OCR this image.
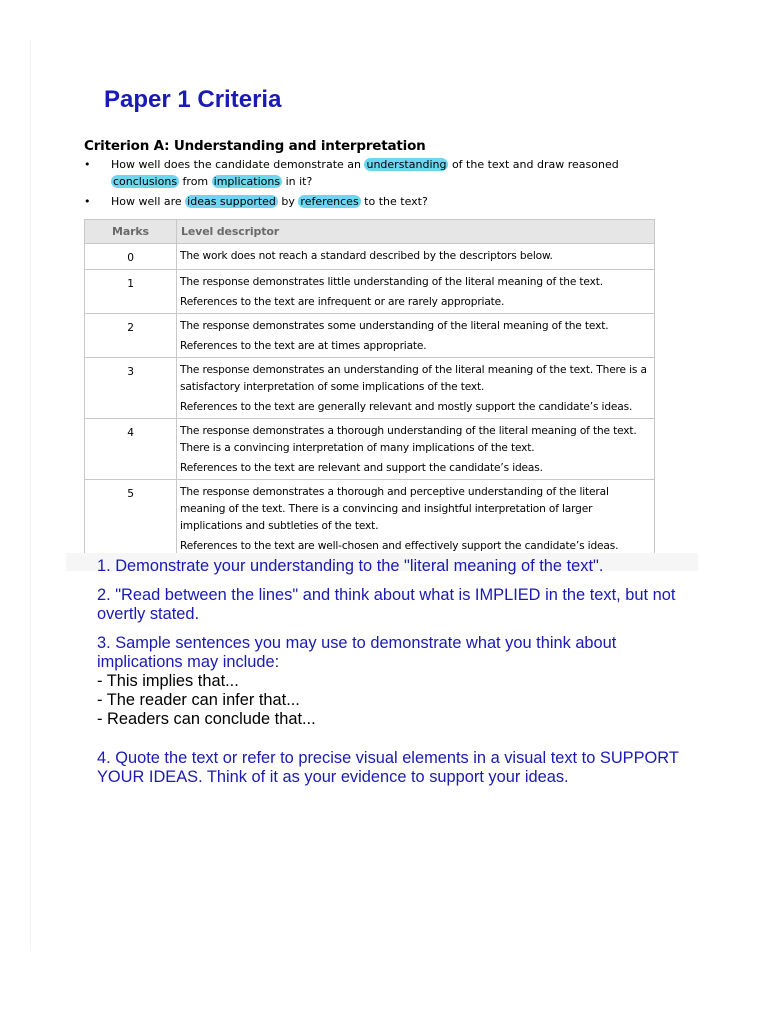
Paper 1 Criteria
Criterion A: Understanding and interpretation
• How well does the candidate demonstrate an understanding of the text and draw reasoned
conclusions from implications in it?
• How well are ideas supported by references to the text?
Marks	Level descriptor
0	The work does not reach a standard described by the descriptors below.

1	The response demonstrates little understanding of the literal meaning of the text.
References to the text are infrequent or are rarely appropriate.

2	The response demonstrates some understanding of the literal meaning of the text.
References to the text are at times appropriate.

3	The response demonstrates an understanding of the literal meaning of the text. There is a satisfactory interpretation of some implications of the text.
References to the text are generally relevant and mostly support the candidate’s ideas.

4	The response demonstrates a thorough understanding of the literal meaning of the text. There is a convincing interpretation of many implications of the text.
References to the text are relevant and support the candidate’s ideas.

5	The response demonstrates a thorough and perceptive understanding of the literal meaning of the text. There is a convincing and insightful interpretation of larger implications and subtleties of the text.
References to the text are well-chosen and effectively support the candidate’s ideas.

1. Demonstrate your understanding to the "literal meaning of the text".

2. "Read between the lines" and think about what is IMPLIED in the text, but not overtly stated.

3. Sample sentences you may use to demonstrate what you think about implications may include:
- This implies that...
- The reader can infer that...
- Readers can conclude that...

4. Quote the text or refer to precise visual elements in a visual text to SUPPORT YOUR IDEAS. Think of it as your evidence to support your ideas.
